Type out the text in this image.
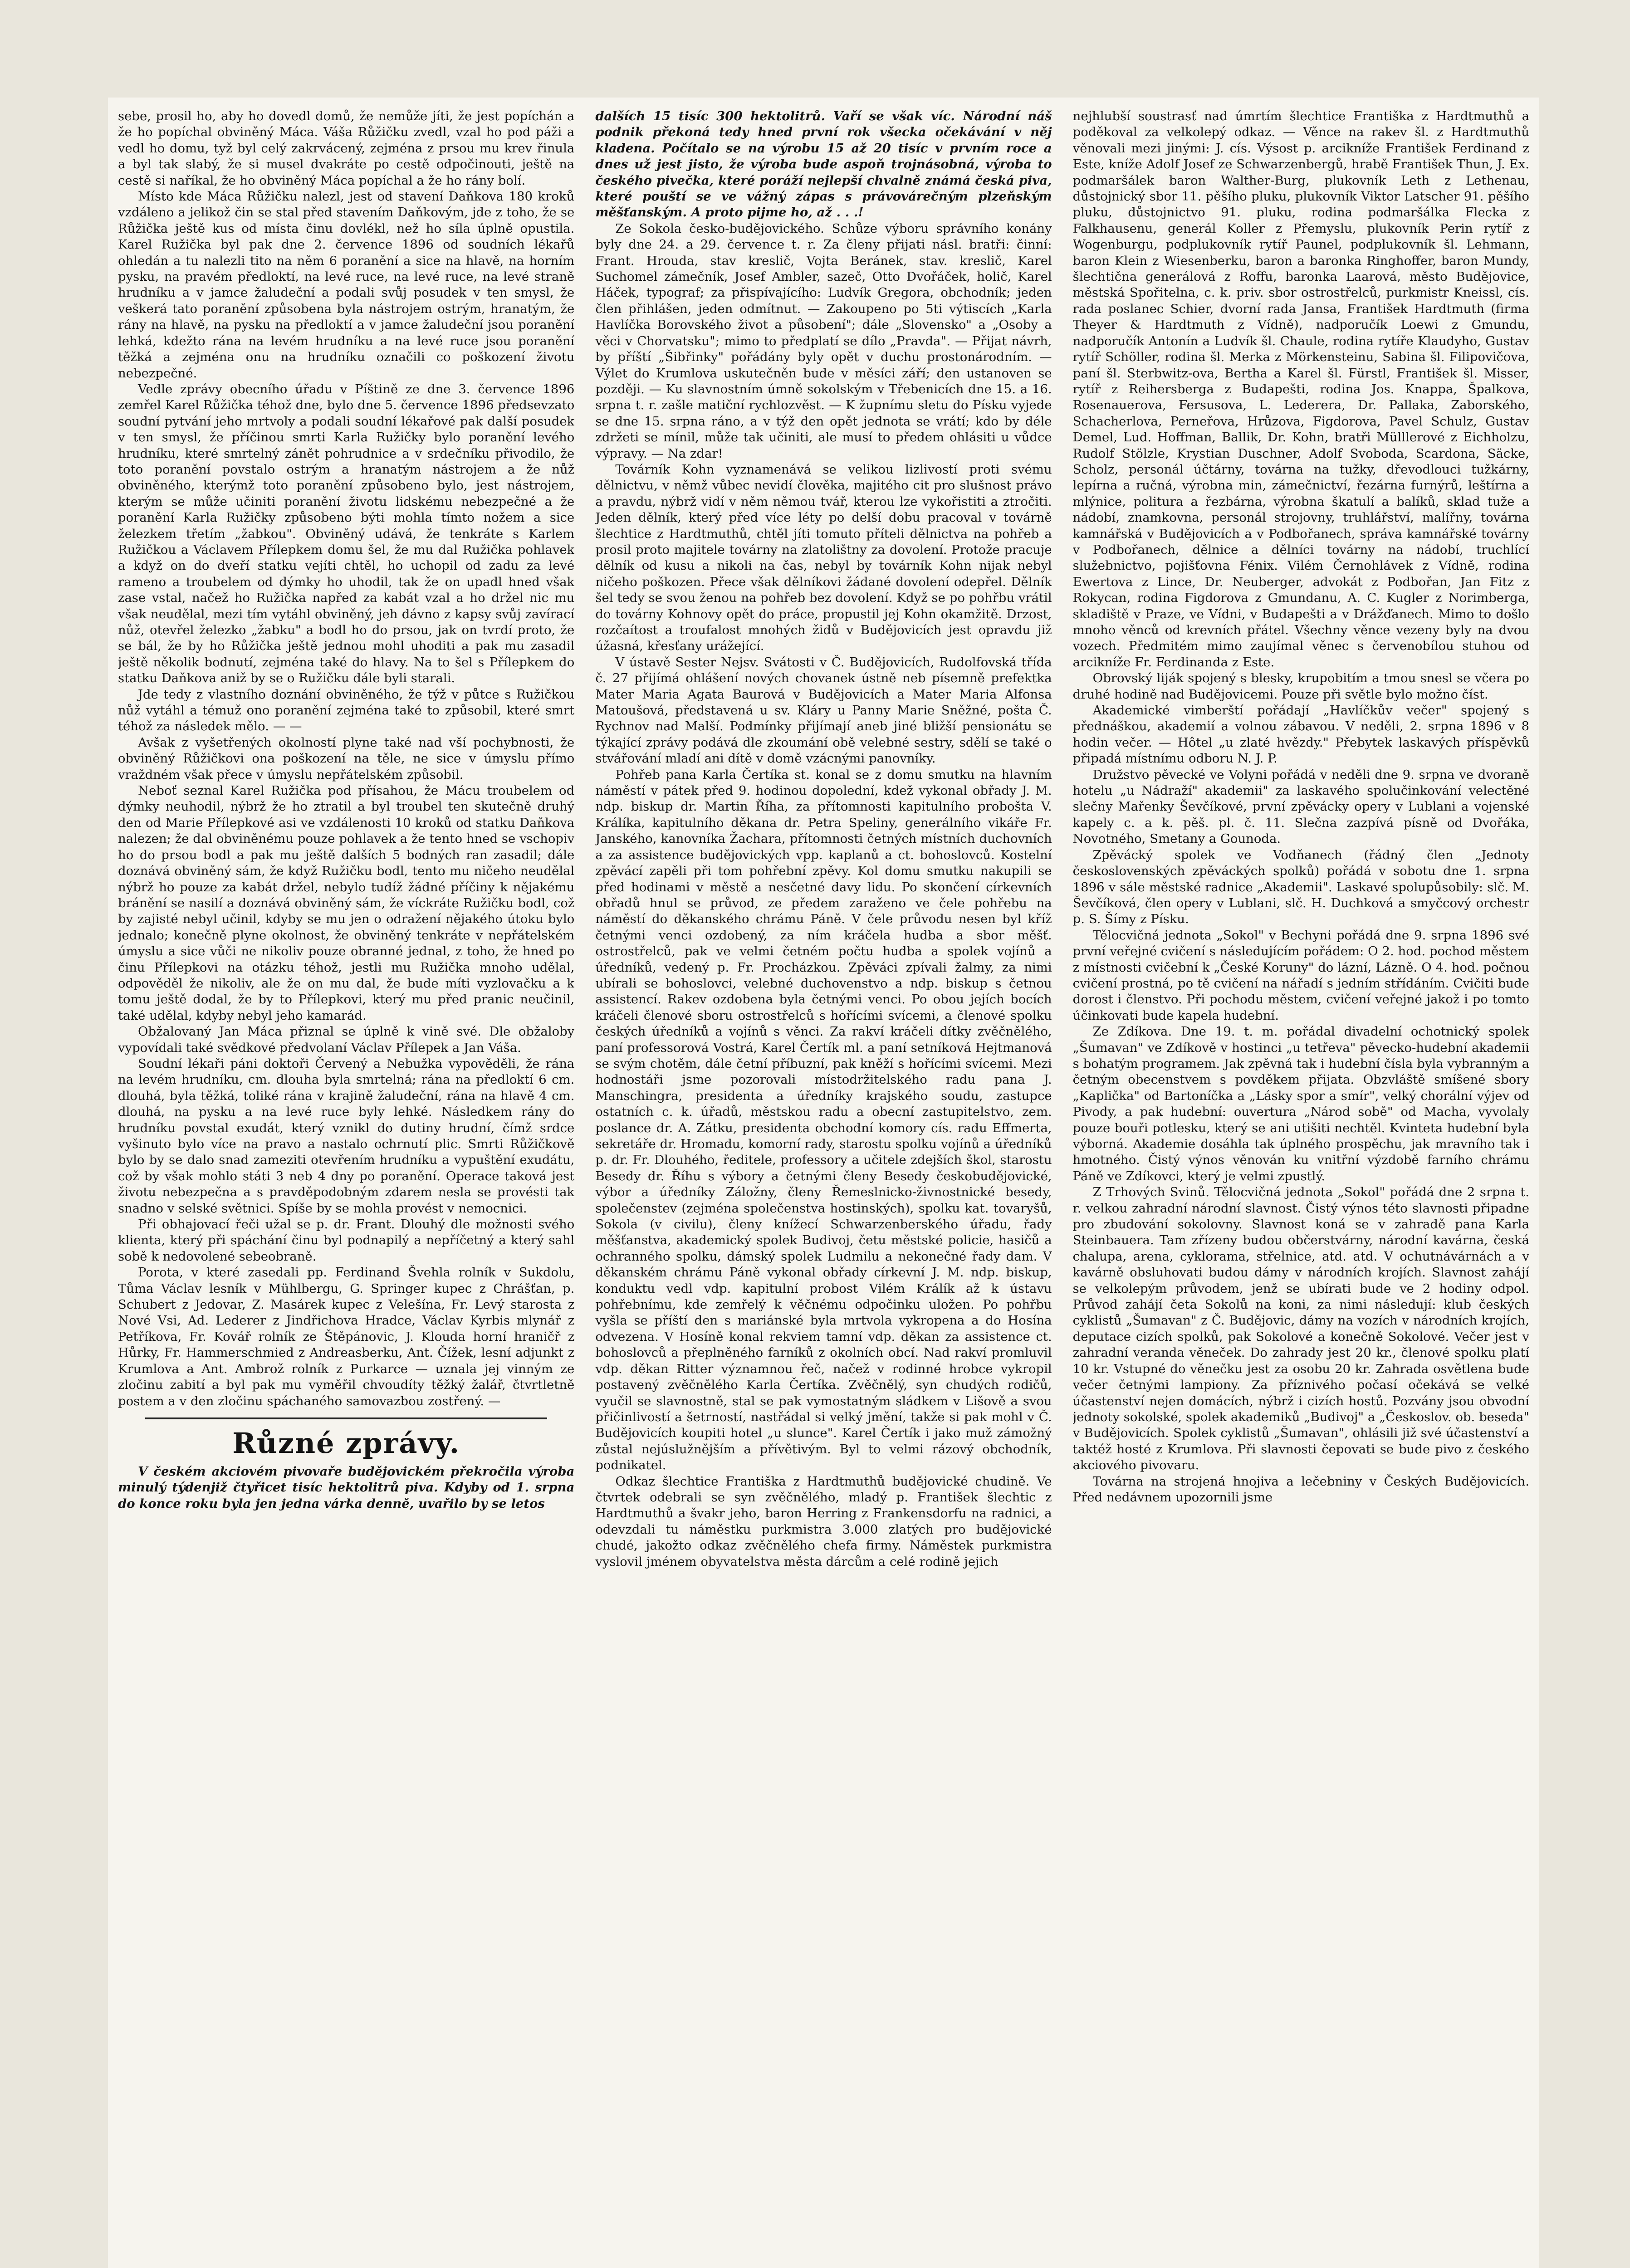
sebe, prosil ho, aby ho dovedl domů, že nemůže jíti, že jest popíchán a že ho popíchal obviněný Máca. Váša Růžičku zvedl, vzal ho pod páži a vedl ho domu, tyž byl celý zakrvácený, zejména z prsou mu krev řinula a byl tak slabý, že si musel dvakráte po cestě odpočinouti, ještě na cestě si naříkal, že ho obviněný Máca popíchal a že ho rány bolí.

Místo kde Máca Růžičku nalezl, jest od stavení Daňkova 180 kroků vzdáleno a jelikož čin se stal před stavením Daňkovým, jde z toho, že se Růžička ještě kus od místa činu dovlékl, než ho síla úplně opustila. Karel Ružička byl pak dne 2. července 1896 od soudních lékařů ohledán a tu nalezli tito na něm 6 poranění a sice na hlavě, na horním pysku, na pravém předloktí, na levé ruce, na levé ruce, na levé straně hrudníku a v jamce žaludeční a podali svůj posudek v ten smysl, že veškerá tato poranění způsobena byla nástrojem ostrým, hranatým, že rány na hlavě, na pysku na předloktí a v jamce žaludeční jsou poranění lehká, kdežto rána na levém hrudníku a na levé ruce jsou poranění těžká a zejména onu na hrudníku označili co poškození životu nebezpečné.

Vedle zprávy obecního úřadu v Píštině ze dne 3. července 1896 zemřel Karel Růžička téhož dne, bylo dne 5. července 1896 předsevzato soudní pytvání jeho mrtvoly a podali soudní lékařové pak další posudek v ten smysl, že příčinou smrti Karla Ružičky bylo poranění levého hrudníku, které smrtelný zánět pohrudnice a v srdečníku přivodilo, že toto poranění povstalo ostrým a hranatým nástrojem a že nůž obviněného, kterýmž toto poranění způsobeno bylo, jest nástrojem, kterým se může učiniti poranění životu lidskému nebezpečné a že poranění Karla Ružičky způsobeno býti mohla tímto nožem a sice železkem třetím „žabkou". Obviněný udává, že tenkráte s Karlem Ružičkou a Václavem Přílepkem domu šel, že mu dal Ružička pohlavek a když on do dveří statku vejíti chtěl, ho uchopil od zadu za levé rameno a troubelem od dýmky ho uhodil, tak že on upadl hned však zase vstal, načež ho Ružička napřed za kabát vzal a ho držel nic mu však neudělal, mezi tím vytáhl obviněný, jeh dávno z kapsy svůj zavírací nůž, otevřel železko „žabku" a bodl ho do prsou, jak on tvrdí proto, že se bál, že by ho Růžička ještě jednou mohl uhoditi a pak mu zasadil ještě několik bodnutí, zejména také do hlavy. Na to šel s Přílepkem do statku Daňkova aniž by se o Ružičku dále byli starali.

Jde tedy z vlastního doznání obviněného, že týž v půtce s Ružičkou nůž vytáhl a témuž ono poranění zejména také to způsobil, které smrt téhož za následek mělo. — —

Avšak z vyšetřených okolností plyne také nad vší pochybnosti, že obviněný Růžičkovi ona poškození na těle, ne sice v úmyslu přímo vraždném však přece v úmyslu nepřátelském způsobil.

Neboť seznal Karel Ružička pod přísahou, že Mácu troubelem od dýmky neuhodil, nýbrž že ho ztratil a byl troubel ten skutečně druhý den od Marie Přílepkové asi ve vzdálenosti 10 kroků od statku Daňkova nalezen; že dal obviněnému pouze pohlavek a že tento hned se vschopiv ho do prsou bodl a pak mu ještě dalších 5 bodných ran zasadil; dále doznává obviněný sám, že když Ružičku bodl, tento mu ničeho neudělal nýbrž ho pouze za kabát držel, nebylo tudíž žádné příčiny k nějakému bránění se nasilí a doznává obviněný sám, že víckráte Ružičku bodl, což by zajisté nebyl učinil, kdyby se mu jen o odražení nějakého útoku bylo jednalo; konečně plyne okolnost, že obviněný tenkráte v nepřátelském úmyslu a sice vůči ne nikoliv pouze obranné jednal, z toho, že hned po činu Přílepkovi na otázku téhož, jestli mu Ružička mnoho udělal, odpověděl že nikoliv, ale že on mu dal, že bude míti vyzlovačku a k tomu ještě dodal, že by to Přílepkovi, který mu před pranic neučinil, také udělal, kdyby nebyl jeho kamarád.

Obžalovaný Jan Máca přiznal se úplně k vině své. Dle obžaloby vypovídali také svědkové předvolaní Václav Přílepek a Jan Váša.

Soudní lékaři páni doktoři Červený a Nebužka vypověděli, že rána na levém hrudníku, cm. dlouha byla smrtelná; rána na předloktí 6 cm. dlouhá, byla těžká, toliké rána v krajině žaludeční, rána na hlavě 4 cm. dlouhá, na pysku a na levé ruce byly lehké. Následkem rány do hrudníku povstal exudát, který vznikl do dutiny hrudní, čímž srdce vyšinuto bylo více na pravo a nastalo ochrnutí plic. Smrti Růžičkově bylo by se dalo snad zameziti otevřením hrudníku a vypuštění exudátu, což by však mohlo státi 3 neb 4 dny po poranění. Operace taková jest životu nebezpečna a s pravděpodobným zdarem nesla se provésti tak snadno v selské světnici. Spíše by se mohla provést v nemocnici.

Při obhajovací řeči užal se p. dr. Frant. Dlouhý dle možnosti svého klienta, který při spáchání činu byl podnapilý a nepříčetný a který sahl sobě k nedovolené sebeobraně.

Porota, v které zasedali pp. Ferdinand Švehla rolník v Sukdolu, Tůma Václav lesník v Mühlbergu, G. Springer kupec z Chrášťan, p. Schubert z Jedovar, Z. Masárek kupec z Velešína, Fr. Levý starosta z Nové Vsi, Ad. Lederer z Jindřichova Hradce, Václav Kyrbis mlynář z Petříkova, Fr. Kovář rolník ze Štěpánovic, J. Klouda horní hraničř z Hůrky, Fr. Hammerschmied z Andreasberku, Ant. Čížek, lesní adjunkt z Krumlova a Ant. Ambrož rolník z Purkarce — uznala jej vinným ze zločinu zabití a byl pak mu vyměřil chvoudíty těžký žalář, čtvrtletně postem a v den zločinu spáchaného samovazbou zostřený. —

Různé zprávy.

V českém akciovém pivovaře budějovickém překročila výroba minulý týdenjiž čtyřicet tisíc hektolitrů piva. Kdyby od 1. srpna do konce roku byla jen jedna várka denně, uvařilo by se letos

dalších 15 tisíc 300 hektolitrů. Vaří se však víc. Národní náš podnik překoná tedy hned první rok všecka očekávání v něj kladena. Počítalo se na výrobu 15 až 20 tisíc v prvním roce a dnes už jest jisto, že výroba bude aspoň trojnásobná, výroba to českého pivečka, které poráží nejlepší chvalně známá česká piva, které pouští se ve vážný zápas s právovárečným plzeňským měšťanským. A proto pijme ho, až . . .!

Ze Sokola česko-budějovického. Schůze výboru správního konány byly dne 24. a 29. července t. r. Za členy přijati násl. bratři: činní: Frant. Hrouda, stav kreslič, Vojta Beránek, stav. kreslič, Karel Suchomel zámečník, Josef Ambler, sazeč, Otto Dvořáček, holič, Karel Háček, typograf; za přispívajícího: Ludvík Gregora, obchodník; jeden člen přihlášen, jeden odmítnut. — Zakoupeno po 5ti výtiscích „Karla Havlíčka Borovského život a působení"; dále „Slovensko" a „Osoby a věci v Chorvatsku"; mimo to předplatí se dílo „Pravda". — Přijat návrh, by příští „Šibřinky" pořádány byly opět v duchu prostonárodním. — Výlet do Krumlova uskutečněn bude v měsíci září; den ustanoven se později. — Ku slavnostním úmně sokolským v Třebenicích dne 15. a 16. srpna t. r. zašle matiční rychlozvěst. — K župnímu sletu do Písku vyjede se dne 15. srpna ráno, a v týž den opět jednota se vrátí; kdo by déle zdržeti se mínil, může tak učiniti, ale musí to předem ohlásiti u vůdce výpravy. — Na zdar!

Továrník Kohn vyznamenává se velikou lizlivostí proti svému dělnictvu, v němž vůbec nevidí člověka, majitého cit pro slušnost právo a pravdu, nýbrž vidí v něm němou tvář, kterou lze vykořistiti a ztročiti. Jeden dělník, který před více léty po delší dobu pracoval v továrně šlechtice z Hardtmuthů, chtěl jíti tomuto příteli dělnictva na pohřeb a prosil proto majitele továrny na zlatolištny za dovolení. Protože pracuje dělník od kusu a nikoli na čas, nebyl by továrník Kohn nijak nebyl ničeho poškozen. Přece však dělníkovi žádané dovolení odepřel. Dělník šel tedy se svou ženou na pohřeb bez dovolení. Když se po pohřbu vrátil do továrny Kohnovy opět do práce, propustil jej Kohn okamžitě. Drzost, rozčaítost a troufalost mnohých židů v Budějovicích jest opravdu již úžasná, křesťany urážející.

V ústavě Sester Nejsv. Svátosti v Č. Budějovicích, Rudolfovská třída č. 27 přijímá ohlášení nových chovanek ústně neb písemně prefektka Mater Maria Agata Baurová v Budějovicích a Mater Maria Alfonsa Matoušová, představená u sv. Kláry u Panny Marie Sněžné, pošta Č. Rychnov nad Malší. Podmínky přijímají aneb jiné bližší pensionátu se týkající zprávy podává dle zkoumání obě velebné sestry, sdělí se také o stvářování mladí ani dítě v domě vzácnými panovníky.

Pohřeb pana Karla Čertíka st. konal se z domu smutku na hlavním náměstí v pátek před 9. hodinou dopolední, kdež vykonal obřady J. M. ndp. biskup dr. Martin Říha, za přítomnosti kapitulního probošta V. Králíka, kapitulního děkana dr. Petra Speliny, generálního vikáře Fr. Janského, kanovníka Žachara, přítomnosti četných místních duchovních a za assistence budějovických vpp. kaplanů a ct. bohoslovců. Kostelní zpěvácí zapěli při tom pohřební zpěvy. Kol domu smutku nakupili se před hodinami v městě a nesčetné davy lidu. Po skončení církevních obřadů hnul se průvod, ze předem zaraženo ve čele pohřebu na náměstí do děkanského chrámu Páně. V čele průvodu nesen byl kříž četnými venci ozdobený, za ním kráčela hudba a sbor měšť. ostrostřelců, pak ve velmi četném počtu hudba a spolek vojínů a úředníků, vedený p. Fr. Procházkou. Zpěváci zpívali žalmy, za nimi ubírali se bohoslovci, velebné duchovenstvo a ndp. biskup s četnou assistencí. Rakev ozdobena byla četnými venci. Po obou jejích bocích kráčeli členové sboru ostrostřelců s hořícími svícemi, a členové spolku českých úředníků a vojínů s věnci. Za rakví kráčeli dítky zvěčnělého, paní professorová Vostrá, Karel Čertík ml. a paní setníková Hejtmanová se svým chotěm, dále četní příbuzní, pak kněží s hořícími svícemi. Mezi hodnostáři jsme pozorovali místodržitelského radu pana J. Manschingra, presidenta a úředníky krajského soudu, zastupce ostatních c. k. úřadů, městskou radu a obecní zastupitelstvo, zem. poslance dr. A. Zátku, presidenta obchodní komory cís. radu Effmerta, sekretáře dr. Hromadu, komorní rady, starostu spolku vojínů a úředníků p. dr. Fr. Dlouhého, ředitele, professory a učitele zdejších škol, starostu Besedy dr. Říhu s výbory a četnými členy Besedy českobudějovické, výbor a úředníky Záložny, členy Řemeslnicko-živnostnické besedy, společenstev (zejména společenstva hostinských), spolku kat. tovaryšů, Sokola (v civilu), členy knížecí Schwarzenberského úřadu, řady měšťanstva, akademický spolek Budivoj, četu městské policie, hasičů a ochranného spolku, dámský spolek Ludmilu a nekonečné řady dam. V děkanském chrámu Páně vykonal obřady církevní J. M. ndp. biskup, konduktu vedl vdp. kapitulní probost Vilém Králík až k ústavu pohřebnímu, kde zemřelý k věčnému odpočinku uložen. Po pohřbu vyšla se příští den s mariánské byla mrtvola vykropena a do Hosína odvezena. V Hosíně konal rekviem tamní vdp. děkan za assistence ct. bohoslovců a přeplněného farníků z okolních obcí. Nad rakví promluvil vdp. děkan Ritter významnou řeč, načež v rodinné hrobce vykropil postavený zvěčnělého Karla Čertíka. Zvěčnělý, syn chudých rodičů, vyučil se slavnostně, stal se pak vymostatným sládkem v Lišově a svou přičinlivostí a šetrností, nastřádal si velký jmění, takže si pak mohl v Č. Budějovicích koupiti hotel „u slunce". Karel Čertík i jako muž zámožný zůstal nejúslužnějším a přívětivým. Byl to velmi rázový obchodník, podnikatel.

Odkaz šlechtice Františka z Hardtmuthů budějovické chudině. Ve čtvrtek odebrali se syn zvěčnělého, mladý p. František šlechtic z Hardtmuthů a švakr jeho, baron Herring z Frankensdorfu na radnici, a odevzdali tu náměstku purkmistra 3.000 zlatých pro budějovické chudé, jakožto odkaz zvěčnělého chefa firmy. Náměstek purkmistra vyslovil jménem obyvatelstva města dárcům a celé rodině jejich

nejhlubší soustrasť nad úmrtím šlechtice Františka z Hardtmuthů a poděkoval za velkolepý odkaz. — Věnce na rakev šl. z Hardtmuthů věnovali mezi jinými: J. cís. Výsost p. arcikníže František Ferdinand z Este, kníže Adolf Josef ze Schwarzenbergů, hrabě František Thun, J. Ex. podmaršálek baron Walther-Burg, plukovník Leth z Lethenau, důstojnický sbor 11. pěšího pluku, plukovník Viktor Latscher 91. pěšího pluku, důstojnictvo 91. pluku, rodina podmaršálka Flecka z Falkhausenu, generál Koller z Přemyslu, plukovník Perin rytíř z Wogenburgu, podplukovník rytíř Paunel, podplukovník šl. Lehmann, baron Klein z Wiesenberku, baron a baronka Ringhoffer, baron Mundy, šlechtična generálová z Roffu, baronka Laarová, město Budějovice, městská Spořitelna, c. k. priv. sbor ostrostřelců, purkmistr Kneissl, cís. rada poslanec Schier, dvorní rada Jansa, František Hardtmuth (firma Theyer & Hardtmuth z Vídně), nadporučík Loewi z Gmundu, nadporučík Antonín a Ludvík šl. Chaule, rodina rytíře Klaudyho, Gustav rytíř Schöller, rodina šl. Merka z Mörkensteinu, Sabina šl. Filipovičova, paní šl. Sterbwitz-ova, Bertha a Karel šl. Fürstl, František šl. Misser, rytíř z Reihersberga z Budapešti, rodina Jos. Knappa, Špalkova, Rosenauerova, Fersusova, L. Lederera, Dr. Pallaka, Zaborského, Schacherlova, Perneřova, Hrůzova, Figdorova, Pavel Schulz, Gustav Demel, Lud. Hoffman, Ballik, Dr. Kohn, bratři Mülllerové z Eichholzu, Rudolf Stölzle, Krystian Duschner, Adolf Svoboda, Scardona, Säcke, Scholz, personál účtárny, továrna na tužky, dřevodlouci tužkárny, lepírna a ručná, výrobna min, zámečnictví, řezárna furnýrů, leštírna a mlýnice, politura a řezbárna, výrobna škatulí a balíků, sklad tuže a nádobí, znamkovna, personál strojovny, truhlářství, malířny, továrna kamnářská v Budějovicích a v Podbořanech, správa kamnářské továrny v Podbořanech, dělnice a dělníci továrny na nádobí, truchlící služebnictvo, pojišťovna Fénix. Vilém Černohlávek z Vídně, rodina Ewertova z Lince, Dr. Neuberger, advokát z Podbořan, Jan Fitz z Rokycan, rodina Figdorova z Gmundanu, A. C. Kugler z Norimberga, skladiště v Praze, ve Vídni, v Budapešti a v Drážďanech. Mimo to došlo mnoho věnců od krevních přátel. Všechny věnce vezeny byly na dvou vozech. Předmitém mimo zaujímal věnec s červenobílou stuhou od arcikníže Fr. Ferdinanda z Este.

Obrovský liják spojený s blesky, krupobitím a tmou snesl se včera po druhé hodině nad Budějovicemi. Pouze při světle bylo možno číst.

Akademické vimberští pořádají „Havlíčkův večer" spojený s přednáškou, akademií a volnou zábavou. V neděli, 2. srpna 1896 v 8 hodin večer. — Hôtel „u zlaté hvězdy." Přebytek laskavých příspěvků připadá místnímu odboru N. J. P.

Družstvo pěvecké ve Volyni pořádá v neděli dne 9. srpna ve dvoraně hotelu „u Nádraží" akademii" za laskavého spolučinkování velectěné slečny Mařenky Ševčíkové, první zpěvácky opery v Lublani a vojenské kapely c. a k. pěš. pl. č. 11. Slečna zazpívá písně od Dvořáka, Novotného, Smetany a Gounoda.

Zpěvácký spolek ve Vodňanech (řádný člen „Jednoty československých zpěváckých spolků) pořádá v sobotu dne 1. srpna 1896 v sále městské radnice „Akademii". Laskavé spolupůsobily: slč. M. Ševčíková, člen opery v Lublani, slč. H. Duchková a smyčcový orchestr p. S. Šímy z Písku.

Tělocvičná jednota „Sokol" v Bechyni pořádá dne 9. srpna 1896 své první veřejné cvičení s následujícím pořádem: O 2. hod. pochod městem z místnosti cvičební k „České Koruny" do lázní, Lázně. O 4. hod. počnou cvičení prostná, po tě cvičení na nářadí s jedním střídáním. Cvičiti bude dorost i členstvo. Při pochodu městem, cvičení veřejné jakož i po tomto účinkovati bude kapela hudební.

Ze Zdíkova. Dne 19. t. m. pořádal divadelní ochotnický spolek „Šumavan" ve Zdíkově v hostinci „u tetřeva" pěvecko-hudební akademii s bohatým programem. Jak zpěvná tak i hudební čísla byla vybranným a četným obecenstvem s povděkem přijata. Obzvláště smíšené sbory „Kaplička" od Bartoníčka a „Lásky spor a smír", velký chorální výjev od Pivody, a pak hudební: ouvertura „Národ sobě" od Macha, vyvolaly pouze bouři potlesku, který se ani utišiti nechtěl. Kvinteta hudební byla výborná. Akademie dosáhla tak úplného prospěchu, jak mravního tak i hmotného. Čistý výnos věnován ku vnitřní výzdobě farního chrámu Páně ve Zdíkovci, který je velmi zpustlý.

Z Trhových Svinů. Tělocvičná jednota „Sokol" pořádá dne 2 srpna t. r. velkou zahradní národní slavnost. Čistý výnos této slavnosti připadne pro zbudování sokolovny. Slavnost koná se v zahradě pana Karla Steinbauera. Tam zřízeny budou občerstvárny, národní kavárna, česká chalupa, arena, cyklorama, střelnice, atd. atd. V ochutnávárnách a v kavárně obsluhovati budou dámy v národních krojích. Slavnost zahájí se velkolepým průvodem, jenž se ubírati bude ve 2 hodiny odpol. Průvod zahájí četa Sokolů na koni, za nimi následují: klub českých cyklistů „Šumavan" z Č. Budějovic, dámy na vozích v národních krojích, deputace cizích spolků, pak Sokolové a konečně Sokolové. Večer jest v zahradní veranda věneček. Do zahrady jest 20 kr., členové spolku platí 10 kr. Vstupné do věnečku jest za osobu 20 kr. Zahrada osvětlena bude večer četnými lampiony. Za příznivého počasí očekává se velké účastenství nejen domácích, nýbrž i cizích hostů. Pozvány jsou obvodní jednoty sokolské, spolek akademiků „Budivoj" a „Českoslov. ob. beseda" v Budějovicích. Spolek cyklistů „Šumavan", ohlásili již své účastenství a taktéž hosté z Krumlova. Při slavnosti čepovati se bude pivo z českého akciového pivovaru.

Továrna na strojená hnojiva a lečebniny v Českých Budějovicích. Před nedávnem upozornili jsme
